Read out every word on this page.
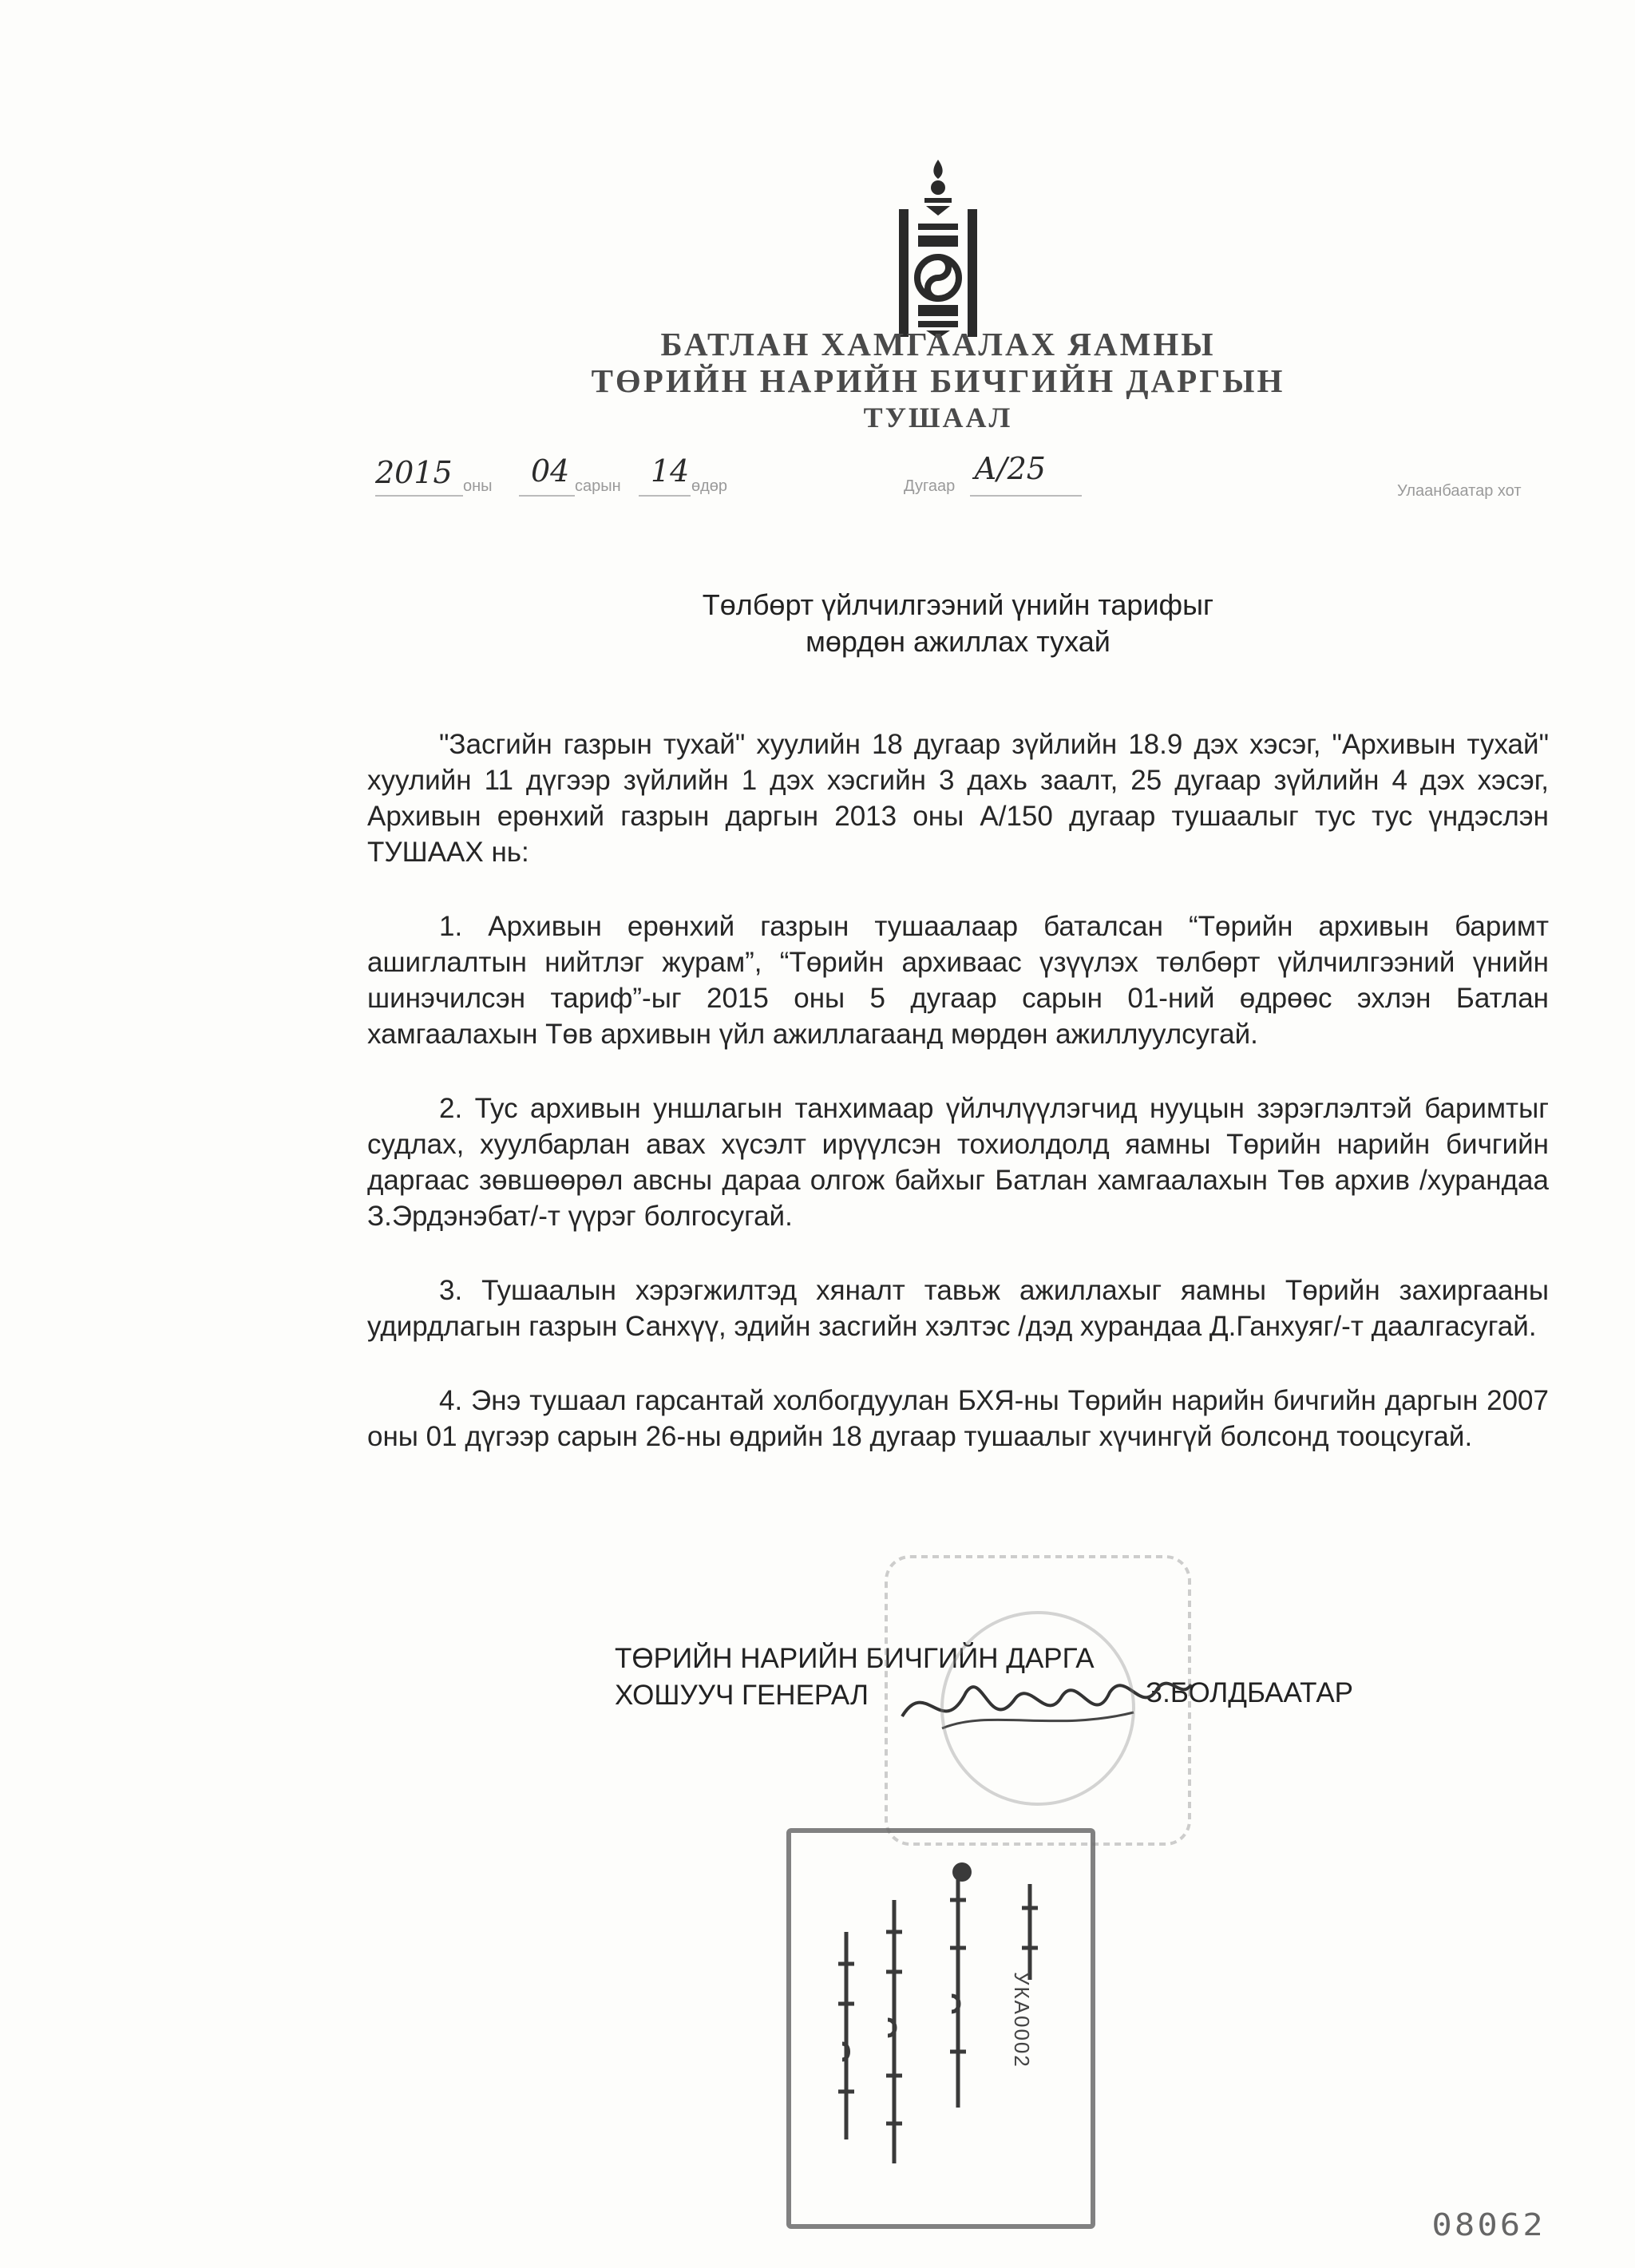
БАТЛАН ХАМГААЛАХ ЯАМНЫ
ТӨРИЙН НАРИЙН БИЧГИЙН ДАРГЫН
ТУШААЛ
2015 оны 04 сарын 14 өдөр	Дугаар А/25
Улаанбаатар хот
Төлбөрт үйлчилгээний үнийн тарифыг
мөрдөн ажиллах тухай

"Засгийн газрын тухай" хуулийн 18 дугаар зүйлийн 18.9 дэх хэсэг, "Архивын тухай" хуулийн 11 дүгээр зүйлийн 1 дэх хэсгийн 3 дахь заалт, 25 дугаар зүйлийн 4 дэх хэсэг, Архивын ерөнхий газрын даргын 2013 оны А/150 дугаар тушаалыг тус тус үндэслэн ТУШААХ нь:

1. Архивын ерөнхий газрын тушаалаар баталсан “Төрийн архивын баримт ашиглалтын нийтлэг журам”, “Төрийн архиваас үзүүлэх төлбөрт үйлчилгээний үнийн шинэчилсэн тариф”-ыг 2015 оны 5 дугаар сарын 01-ний өдрөөс эхлэн Батлан хамгаалахын Төв архивын үйл ажиллагаанд мөрдөн ажиллуулсугай.

2. Тус архивын уншлагын танхимаар үйлчлүүлэгчид нууцын зэрэглэлтэй баримтыг судлах, хуулбарлан авах хүсэлт ирүүлсэн тохиолдолд яамны Төрийн нарийн бичгийн даргаас зөвшөөрөл авсны дараа олгож байхыг Батлан хамгаалахын Төв архив /хурандаа З.Эрдэнэбат/-т үүрэг болгосугай.

3. Тушаалын хэрэгжилтэд хяналт тавьж ажиллахыг яамны Төрийн захиргааны удирдлагын газрын Санхүү, эдийн засгийн хэлтэс /дэд хурандаа Д.Ганхуяг/-т даалгасугай.

4. Энэ тушаал гарсантай холбогдуулан БХЯ-ны Төрийн нарийн бичгийн даргын 2007 оны 01 дүгээр сарын 26-ны өдрийн 18 дугаар тушаалыг хүчингүй болсонд тооцсугай.

ТӨРИЙН НАРИЙН БИЧГИЙН ДАРГА
ХОШУУЧ ГЕНЕРАЛ	З.БОЛДБААТАР
УКА0002
08062
